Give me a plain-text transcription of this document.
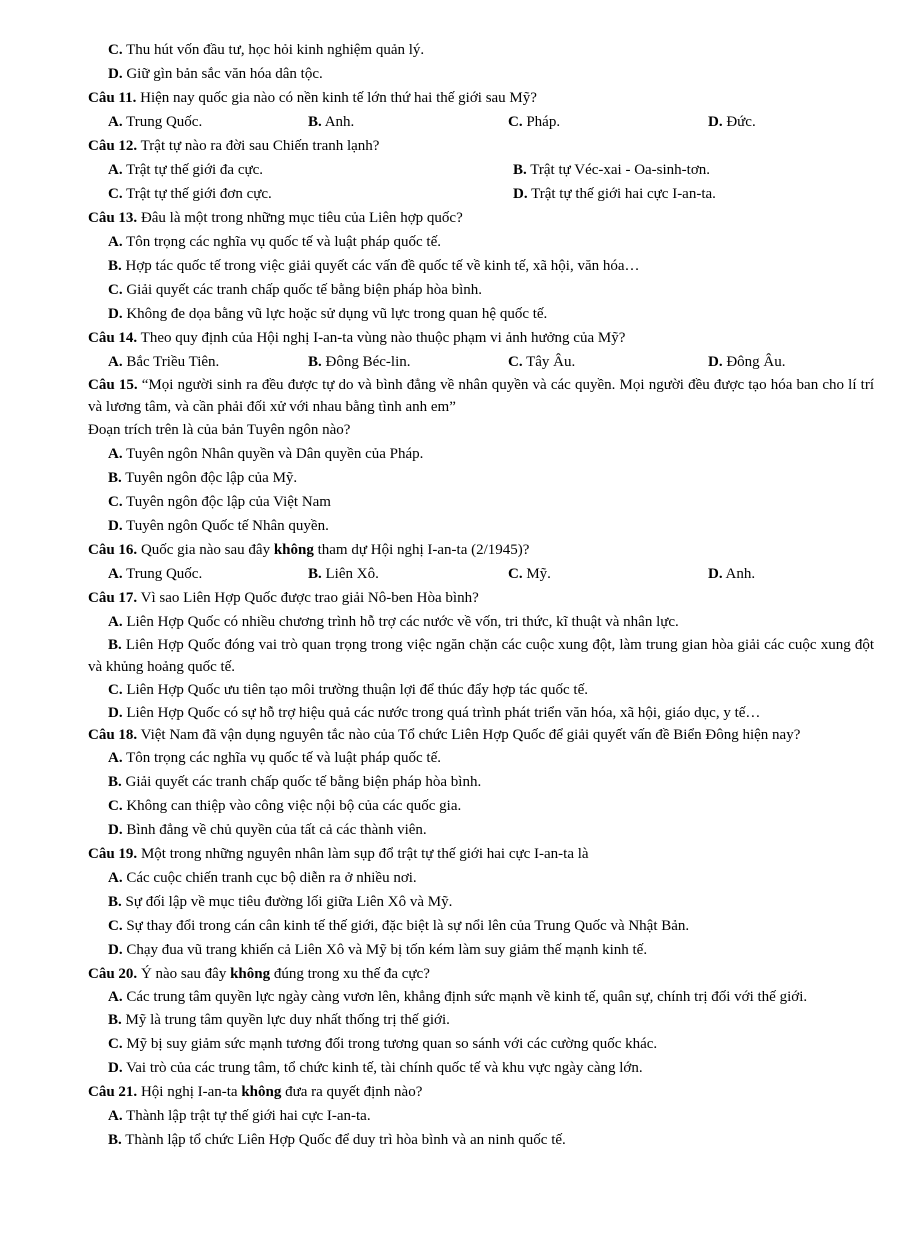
C. Thu hút vốn đầu tư, học hỏi kinh nghiệm quản lý.
D. Giữ gìn bản sắc văn hóa dân tộc.
Câu 11. Hiện nay quốc gia nào có nền kinh tế lớn thứ hai thế giới sau Mỹ?
A. Trung Quốc.	B. Anh.	C. Pháp.	D. Đức.
Câu 12. Trật tự nào ra đời sau Chiến tranh lạnh?
A. Trật tự thế giới đa cực.	B. Trật tự Véc-xai - Oa-sinh-tơn.
C. Trật tự thế giới đơn cực.	D. Trật tự thế giới hai cực I-an-ta.
Câu 13. Đâu là một trong những mục tiêu của Liên hợp quốc?
A. Tôn trọng các nghĩa vụ quốc tế và luật pháp quốc tế.
B. Hợp tác quốc tế trong việc giải quyết các vấn đề quốc tế về kinh tế, xã hội, văn hóa…
C. Giải quyết các tranh chấp quốc tế bằng biện pháp hòa bình.
D. Không đe dọa bằng vũ lực hoặc sử dụng vũ lực trong quan hệ quốc tế.
Câu 14. Theo quy định của Hội nghị I-an-ta vùng nào thuộc phạm vi ảnh hưởng của Mỹ?
A. Bắc Triều Tiên.	B. Đông Béc-lin.	C. Tây Âu.	D. Đông Âu.
Câu 15. “Mọi người sinh ra đều được tự do và bình đẳng về nhân quyền và các quyền. Mọi người đều được tạo hóa ban cho lí trí và lương tâm, và cần phải đối xử với nhau bằng tình anh em”
Đoạn trích trên là của bản Tuyên ngôn nào?
A. Tuyên ngôn Nhân quyền và Dân quyền của Pháp.
B. Tuyên ngôn độc lập của Mỹ.
C. Tuyên ngôn độc lập của Việt Nam
D. Tuyên ngôn Quốc tế Nhân quyền.
Câu 16. Quốc gia nào sau đây không tham dự Hội nghị I-an-ta (2/1945)?
A. Trung Quốc.	B. Liên Xô.	C. Mỹ.	D. Anh.
Câu 17. Vì sao Liên Hợp Quốc được trao giải Nô-ben Hòa bình?
A. Liên Hợp Quốc có nhiều chương trình hỗ trợ các nước về vốn, tri thức, kĩ thuật và nhân lực.
B. Liên Hợp Quốc đóng vai trò quan trọng trong việc ngăn chặn các cuộc xung đột, làm trung gian hòa giải các cuộc xung đột và khủng hoảng quốc tế.
C. Liên Hợp Quốc ưu tiên tạo môi trường thuận lợi để thúc đẩy hợp tác quốc tế.
D. Liên Hợp Quốc có sự hỗ trợ hiệu quả các nước trong quá trình phát triển văn hóa, xã hội, giáo dục, y tế…
Câu 18. Việt Nam đã vận dụng nguyên tắc nào của Tổ chức Liên Hợp Quốc để giải quyết vấn đề Biển Đông hiện nay?
A. Tôn trọng các nghĩa vụ quốc tế và luật pháp quốc tế.
B. Giải quyết các tranh chấp quốc tế bằng biện pháp hòa bình.
C. Không can thiệp vào công việc nội bộ của các quốc gia.
D. Bình đẳng về chủ quyền của tất cả các thành viên.
Câu 19. Một trong những nguyên nhân làm sụp đổ trật tự thế giới hai cực I-an-ta là
A. Các cuộc chiến tranh cục bộ diễn ra ở nhiều nơi.
B. Sự đối lập về mục tiêu đường lối giữa Liên Xô và Mỹ.
C. Sự thay đổi trong cán cân kinh tế thế giới, đặc biệt là sự nổi lên của Trung Quốc và Nhật Bản.
D. Chạy đua vũ trang khiến cả Liên Xô và Mỹ bị tốn kém làm suy giảm thế mạnh kinh tế.
Câu 20. Ý nào sau đây không đúng trong xu thế đa cực?
A. Các trung tâm quyền lực ngày càng vươn lên, khẳng định sức mạnh về kinh tế, quân sự, chính trị đối với thế giới.
B. Mỹ là trung tâm quyền lực duy nhất thống trị thế giới.
C. Mỹ bị suy giảm sức mạnh tương đối trong tương quan so sánh với các cường quốc khác.
D. Vai trò của các trung tâm, tổ chức kinh tế, tài chính quốc tế và khu vực ngày càng lớn.
Câu 21. Hội nghị I-an-ta không đưa ra quyết định nào?
A. Thành lập trật tự thế giới hai cực I-an-ta.
B. Thành lập tổ chức Liên Hợp Quốc để duy trì hòa bình và an ninh quốc tế.
